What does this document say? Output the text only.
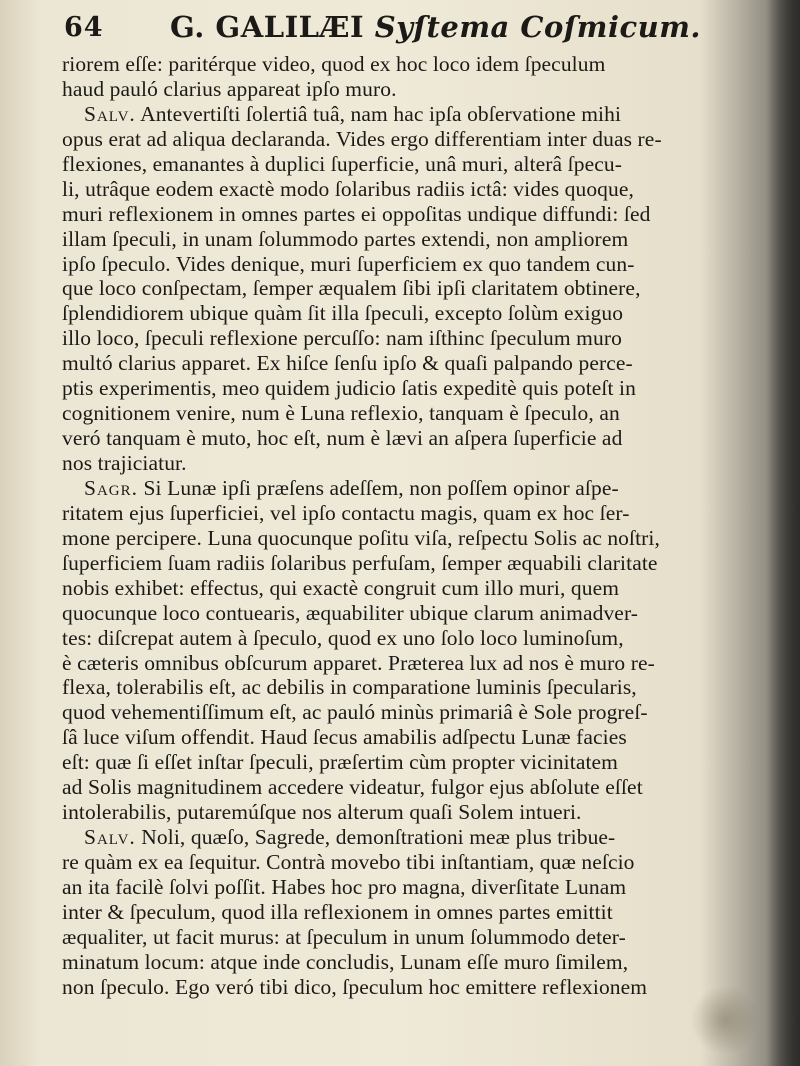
64 G. GALILÆI Syſtema Coſmicum.
riorem eſſe: paritérque video, quod ex hoc loco idem ſpeculum
haud pauló clarius appareat ipſo muro.
Salv. Antevertiſti ſolertiâ tuâ, nam hac ipſa obſervatione mihi
opus erat ad aliqua declaranda. Vides ergo differentiam inter duas re-
flexiones, emanantes à duplici ſuperficie, unâ muri, alterâ ſpecu-
li, utrâque eodem exactè modo ſolaribus radiis ictâ: vides quoque,
muri reflexionem in omnes partes ei oppoſitas undique diffundi: ſed
illam ſpeculi, in unam ſolummodo partes extendi, non ampliorem
ipſo ſpeculo. Vides denique, muri ſuperficiem ex quo tandem cun-
que loco conſpectam, ſemper æqualem ſibi ipſi claritatem obtinere,
ſplendidiorem ubique quàm ſit illa ſpeculi, excepto ſolùm exiguo
illo loco, ſpeculi reflexione percuſſo: nam iſthinc ſpeculum muro
multó clarius apparet. Ex hiſce ſenſu ipſo & quaſi palpando perce-
ptis experimentis, meo quidem judicio ſatis expeditè quis poteſt in
cognitionem venire, num è Luna reflexio, tanquam è ſpeculo, an
veró tanquam è muto, hoc eſt, num è lævi an aſpera ſuperficie ad
nos trajiciatur.
Sagr. Si Lunæ ipſi præſens adeſſem, non poſſem opinor aſpe-
ritatem ejus ſuperficiei, vel ipſo contactu magis, quam ex hoc ſer-
mone percipere. Luna quocunque poſitu viſa, reſpectu Solis ac noſtri,
ſuperficiem ſuam radiis ſolaribus perfuſam, ſemper æquabili claritate
nobis exhibet: effectus, qui exactè congruit cum illo muri, quem
quocunque loco contuearis, æquabiliter ubique clarum animadver-
tes: diſcrepat autem à ſpeculo, quod ex uno ſolo loco luminoſum,
è cæteris omnibus obſcurum apparet. Præterea lux ad nos è muro re-
flexa, tolerabilis eſt, ac debilis in comparatione luminis ſpecularis,
quod vehementiſſimum eſt, ac pauló minùs primariâ è Sole progreſ-
ſâ luce viſum offendit. Haud ſecus amabilis adſpectu Lunæ facies
eſt: quæ ſi eſſet inſtar ſpeculi, præſertim cùm propter vicinitatem
ad Solis magnitudinem accedere videatur, fulgor ejus abſolute eſſet
intolerabilis, putaremúſque nos alterum quaſi Solem intueri.
Salv. Noli, quæſo, Sagrede, demonſtrationi meæ plus tribue-
re quàm ex ea ſequitur. Contrà movebo tibi inſtantiam, quæ neſcio
an ita facilè ſolvi poſſit. Habes hoc pro magna, diverſitate Lunam
inter & ſpeculum, quod illa reflexionem in omnes partes emittit
æqualiter, ut facit murus: at ſpeculum in unum ſolummodo deter-
minatum locum: atque inde concludis, Lunam eſſe muro ſimilem,
non ſpeculo. Ego veró tibi dico, ſpeculum hoc emittere reflexionem
